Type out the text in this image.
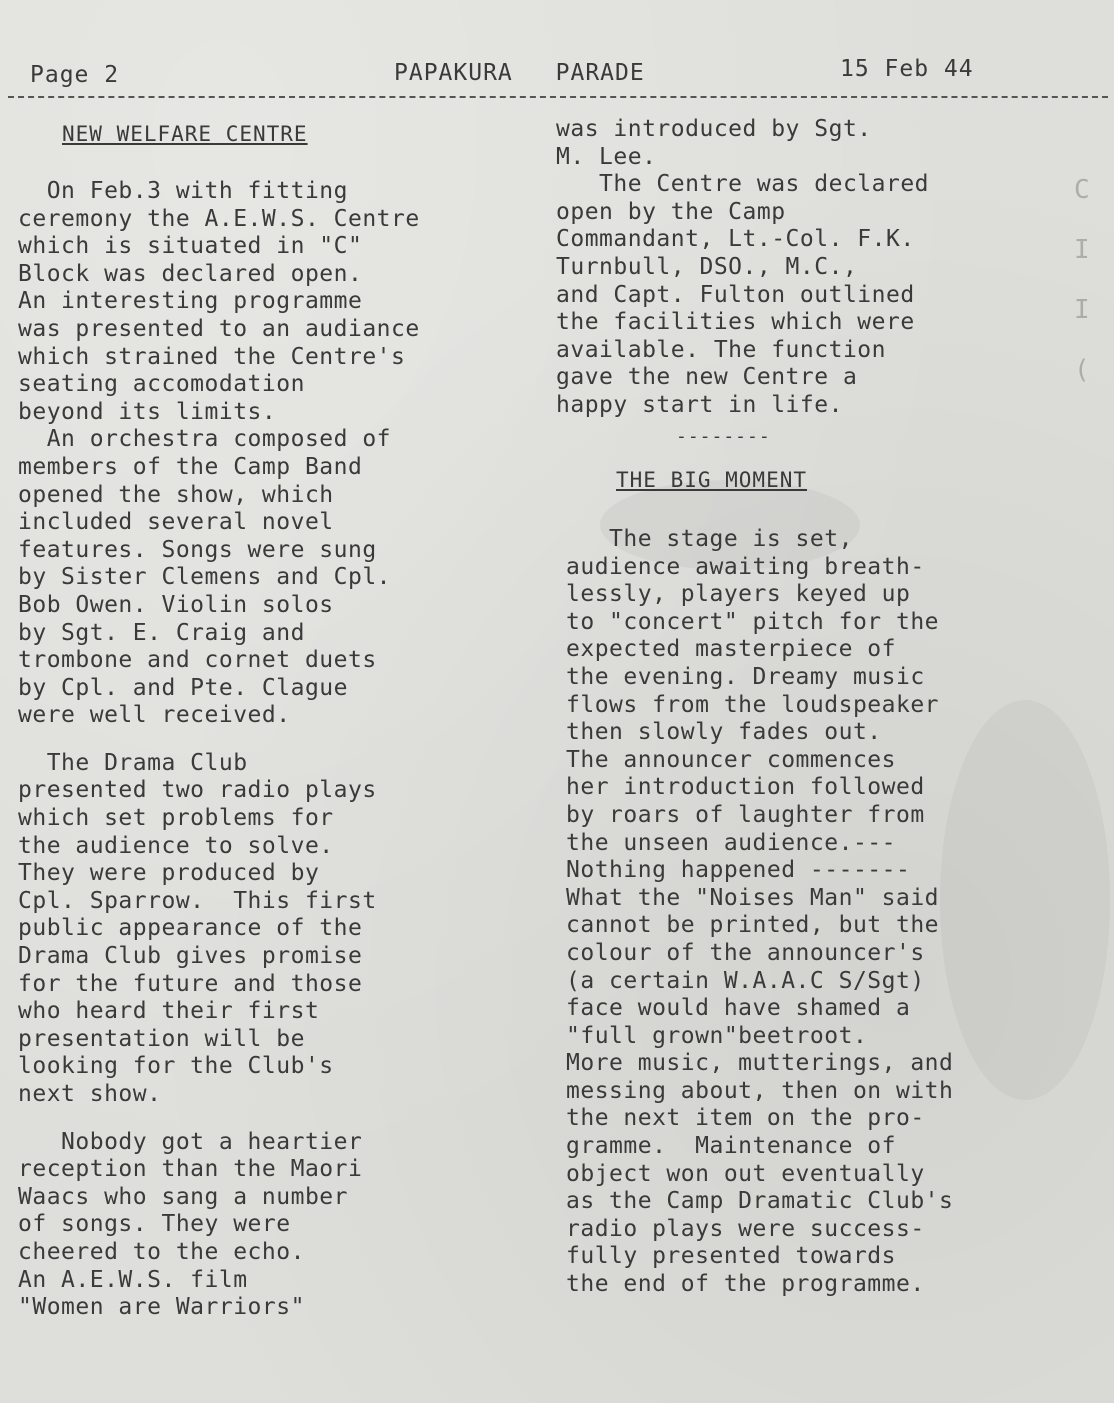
Page 2	PAPAKURA PARADE	15 Feb 44
NEW WELFARE CENTRE
On Feb.3 with fitting
ceremony the A.E.W.S. Centre
which is situated in "C"
Block was declared open.
An interesting programme
was presented to an audiance
which strained the Centre's
seating accomodation
beyond its limits.
An orchestra composed of
members of the Camp Band
opened the show, which
included several novel
features. Songs were sung
by Sister Clemens and Cpl.
Bob Owen. Violin solos
by Sgt. E. Craig and
trombone and cornet duets
by Cpl. and Pte. Clague
were well received.
The Drama Club
presented two radio plays
which set problems for
the audience to solve.
They were produced by
Cpl. Sparrow.  This first
public appearance of the
Drama Club gives promise
for the future and those
who heard their first
presentation will be
looking for the Club's
next show.
Nobody got a heartier
reception than the Maori
Waacs who sang a number
of songs. They were
cheered to the echo.
An A.E.W.S. film
"Women are Warriors"
was introduced by Sgt.
M. Lee.
The Centre was declared
open by the Camp
Commandant, Lt.-Col. F.K.
Turnbull, DSO., M.C.,
and Capt. Fulton outlined
the facilities which were
available. The function
gave the new Centre a
happy start in life.
--------
THE BIG MOMENT
The stage is set,
audience awaiting breath-
lessly, players keyed up
to "concert" pitch for the
expected masterpiece of
the evening. Dreamy music
flows from the loudspeaker
then slowly fades out.
The announcer commences
her introduction followed
by roars of laughter from
the unseen audience.---
Nothing happened -------
What the "Noises Man" said
cannot be printed, but the
colour of the announcer's
(a certain W.A.A.C S/Sgt)
face would have shamed a
"full grown"beetroot.
More music, mutterings, and
messing about, then on with
the next item on the pro-
gramme.  Maintenance of
object won out eventually
as the Camp Dramatic Club's
radio plays were success-
fully presented towards
the end of the programme.
C
I
I
(
